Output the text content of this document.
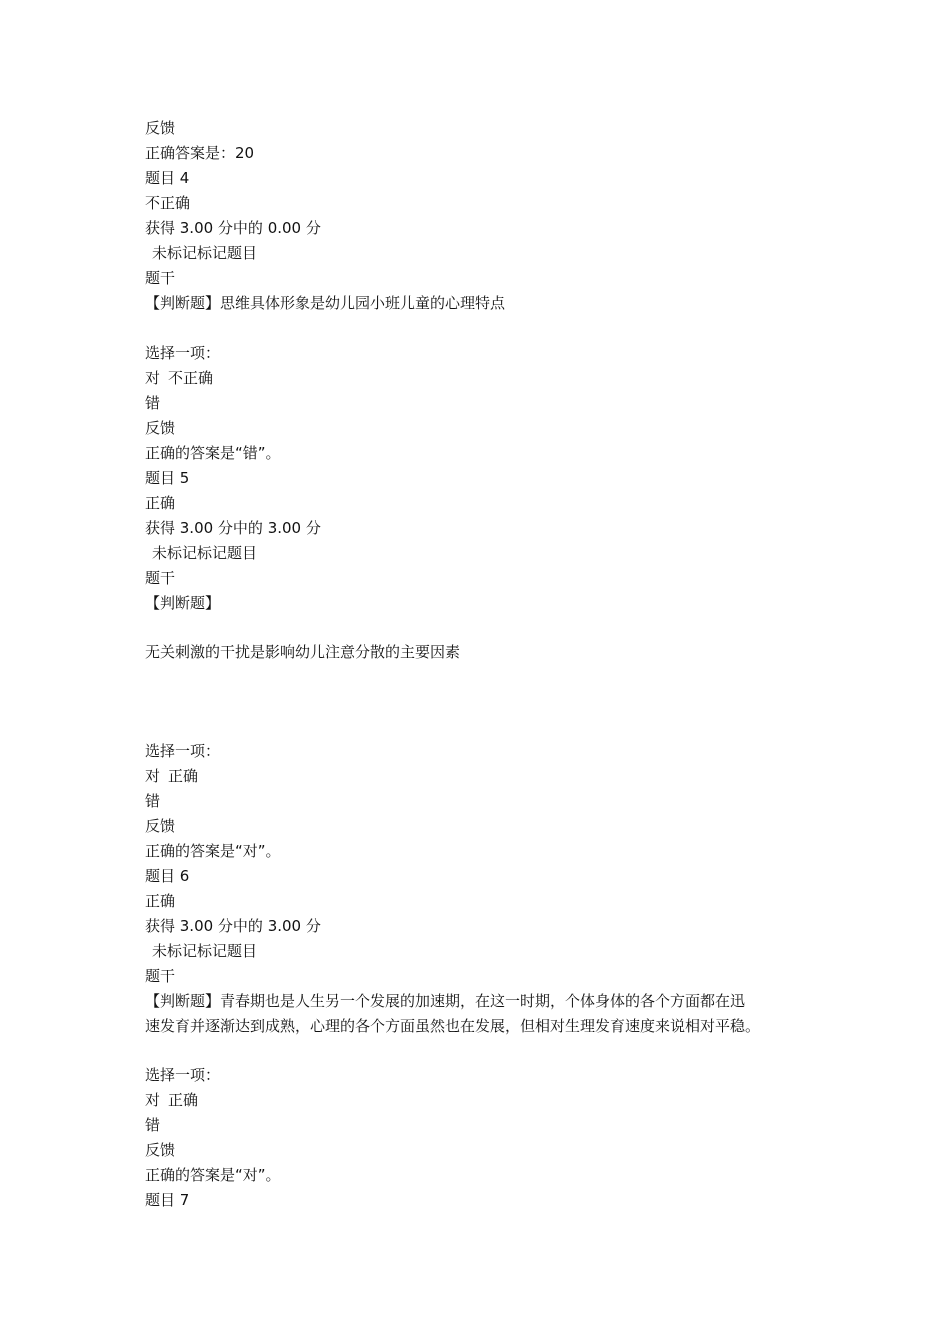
反馈
正确答案是：20
题目 4
不正确
获得 3.00 分中的 0.00 分
未标记标记题目
题干
【判断题】思维具体形象是幼儿园小班儿童的心理特点
选择一项：
对 不正确
错
反馈
正确的答案是“错”。
题目 5
正确
获得 3.00 分中的 3.00 分
未标记标记题目
题干
【判断题】
无关刺激的干扰是影响幼儿注意分散的主要因素
选择一项：
对 正确
错
反馈
正确的答案是“对”。
题目 6
正确
获得 3.00 分中的 3.00 分
未标记标记题目
题干
【判断题】青春期也是人生另一个发展的加速期，在这一时期，个体身体的各个方面都在迅
速发育并逐渐达到成熟，心理的各个方面虽然也在发展，但相对生理发育速度来说相对平稳。
选择一项：
对 正确
错
反馈
正确的答案是“对”。
题目 7
